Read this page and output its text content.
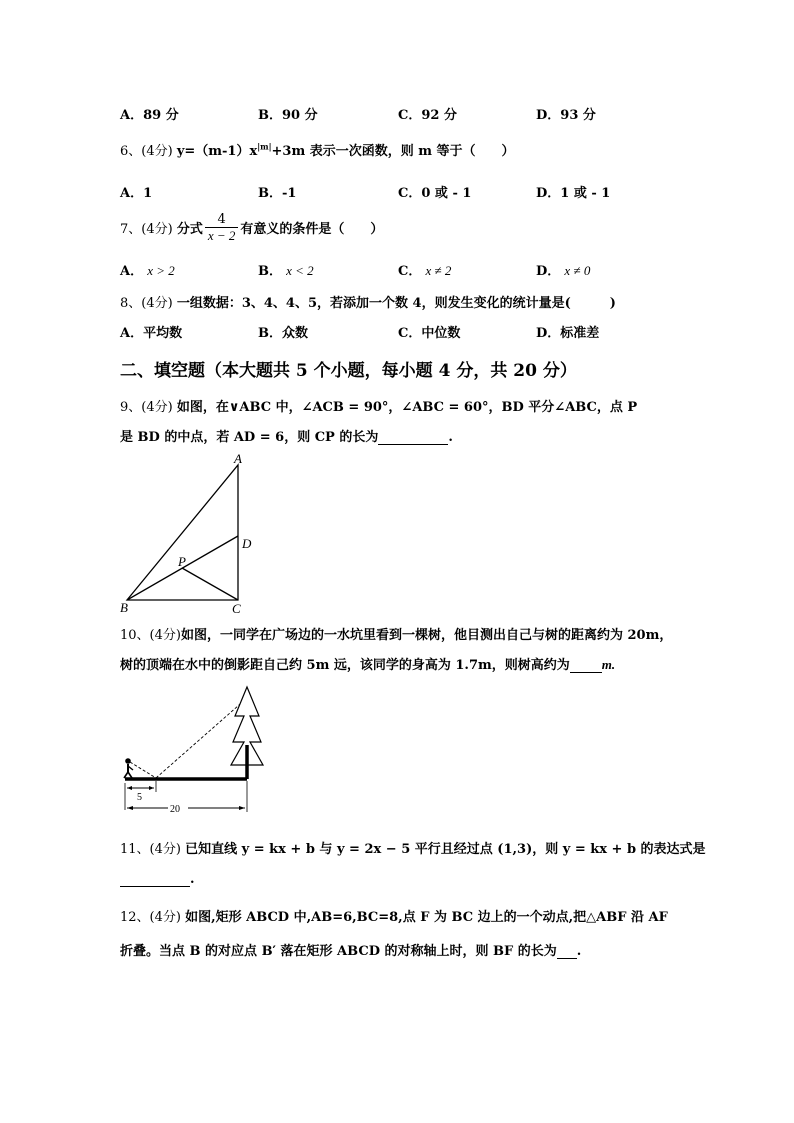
A．89 分	B．90 分	C．92 分	D．93 分
6、(4分) $y=(m-1)x^{|m|}+3m$ 表示一次函数，则 m 等于（　　）
A．1	B．-1	C．0 或 - 1	D．1 或 - 1
7、(4分) 分式 $\frac{4}{x - 2}$ 有意义的条件是（　　）
A． x > 2	B． x < 2	C． x ≠ 2	D． x ≠ 0
8、(4分) 一组数据：3、4、4、5，若添加一个数 4，则发生变化的统计量是(　　　)
A．平均数	B．众数	C．中位数	D．标准差
二、填空题（本大题共 5 个小题，每小题 4 分，共 20 分）
9、(4分) 如图，在∨ABC 中，∠ACB = 90°，∠ABC = 60°，BD 平分∠ABC，点 P
是 BD 的中点，若 AD = 6，则 CP 的长为	.
A
B	C
D
P
10、(4分)如图，一同学在广场边的一水坑里看到一棵树，他目测出自己与树的距离约为 20m，
树的顶端在水中的倒影距自己约 5m 远，该同学的身高为 1.7m，则树高约为 m.
5
20
11、(4分) 已知直线 y = kx + b 与 y = 2x − 5 平行且经过点 (1,3)，则 y = kx + b 的表达式是
.
12、(4分) 如图,矩形 ABCD 中,AB=6,BC=8,点 F 为 BC 边上的一个动点,把△ABF 沿 AF
折叠。当点 B 的对应点 B′ 落在矩形 ABCD 的对称轴上时，则 BF 的长为 .
